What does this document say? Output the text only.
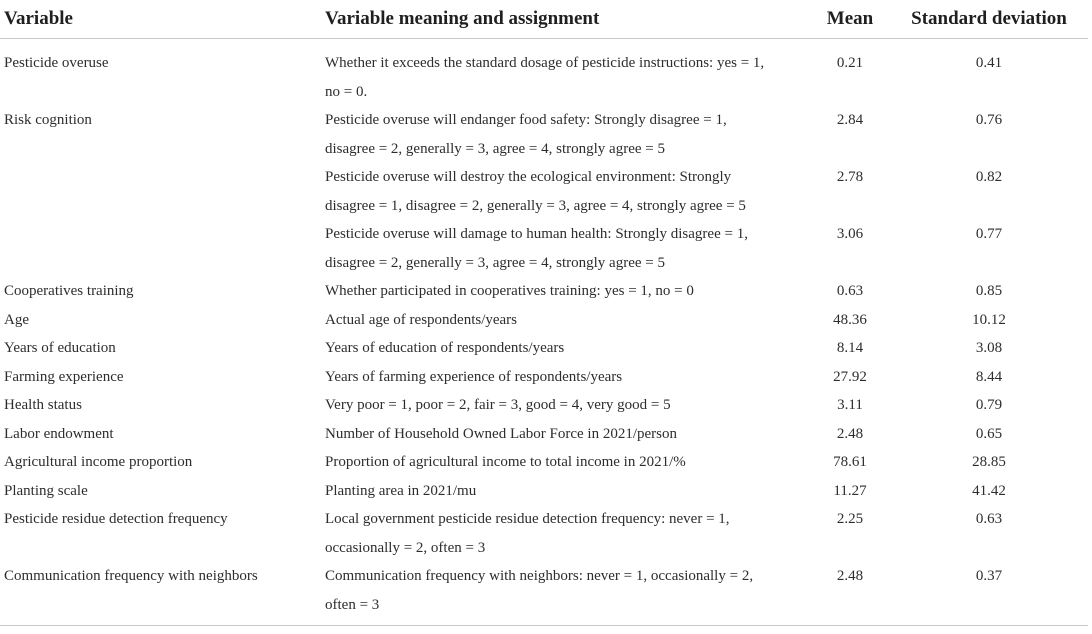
Variable	Variable meaning and assignment	Mean	Standard deviation
Pesticide overuse	Whether it exceeds the standard dosage of pesticide instructions: yes = 1, no = 0.	0.21	0.41
Risk cognition	Pesticide overuse will endanger food safety: Strongly disagree = 1, disagree = 2, generally = 3, agree = 4, strongly agree = 5	2.84	0.76
	Pesticide overuse will destroy the ecological environment: Strongly disagree = 1, disagree = 2, generally = 3, agree = 4, strongly agree = 5	2.78	0.82
	Pesticide overuse will damage to human health: Strongly disagree = 1, disagree = 2, generally = 3, agree = 4, strongly agree = 5	3.06	0.77
Cooperatives training	Whether participated in cooperatives training: yes = 1, no = 0	0.63	0.85
Age	Actual age of respondents/years	48.36	10.12
Years of education	Years of education of respondents/years	8.14	3.08
Farming experience	Years of farming experience of respondents/years	27.92	8.44
Health status	Very poor = 1, poor = 2, fair = 3, good = 4, very good = 5	3.11	0.79
Labor endowment	Number of Household Owned Labor Force in 2021/person	2.48	0.65
Agricultural income proportion	Proportion of agricultural income to total income in 2021/%	78.61	28.85
Planting scale	Planting area in 2021/mu	11.27	41.42
Pesticide residue detection frequency	Local government pesticide residue detection frequency: never = 1, occasionally = 2, often = 3	2.25	0.63
Communication frequency with neighbors	Communication frequency with neighbors: never = 1, occasionally = 2, often = 3	2.48	0.37
